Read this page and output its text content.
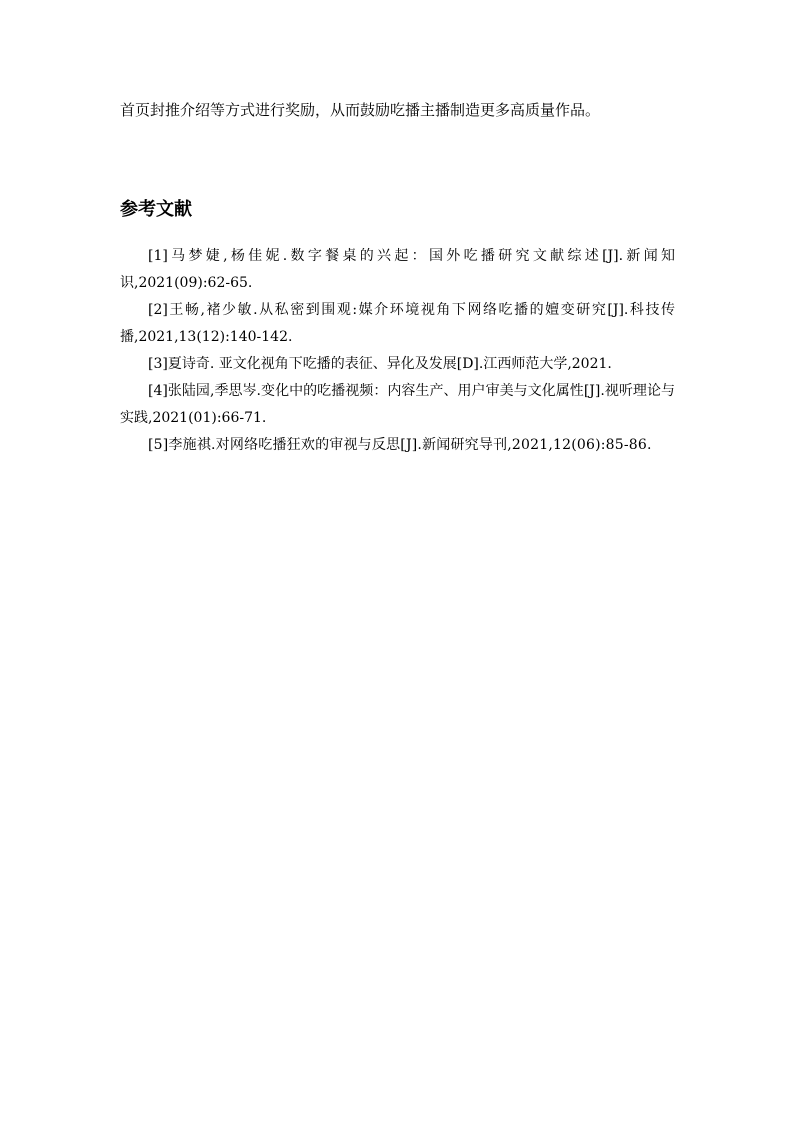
首页封推介绍等方式进行奖励，从而鼓励吃播主播制造更多高质量作品。
参考文献
[1]马梦婕,杨佳妮.数字餐桌的兴起：国外吃播研究文献综述[J].新闻知识,2021(09):62-65.
[2]王畅,褚少敏.从私密到围观:媒介环境视角下网络吃播的嬗变研究[J].科技传播,2021,13(12):140-142.
[3]夏诗奇. 亚文化视角下吃播的表征、异化及发展[D].江西师范大学,2021.
[4]张陆园,季思岑.变化中的吃播视频：内容生产、用户审美与文化属性[J].视听理论与实践,2021(01):66-71.
[5]李施祺.对网络吃播狂欢的审视与反思[J].新闻研究导刊,2021,12(06):85-86.
